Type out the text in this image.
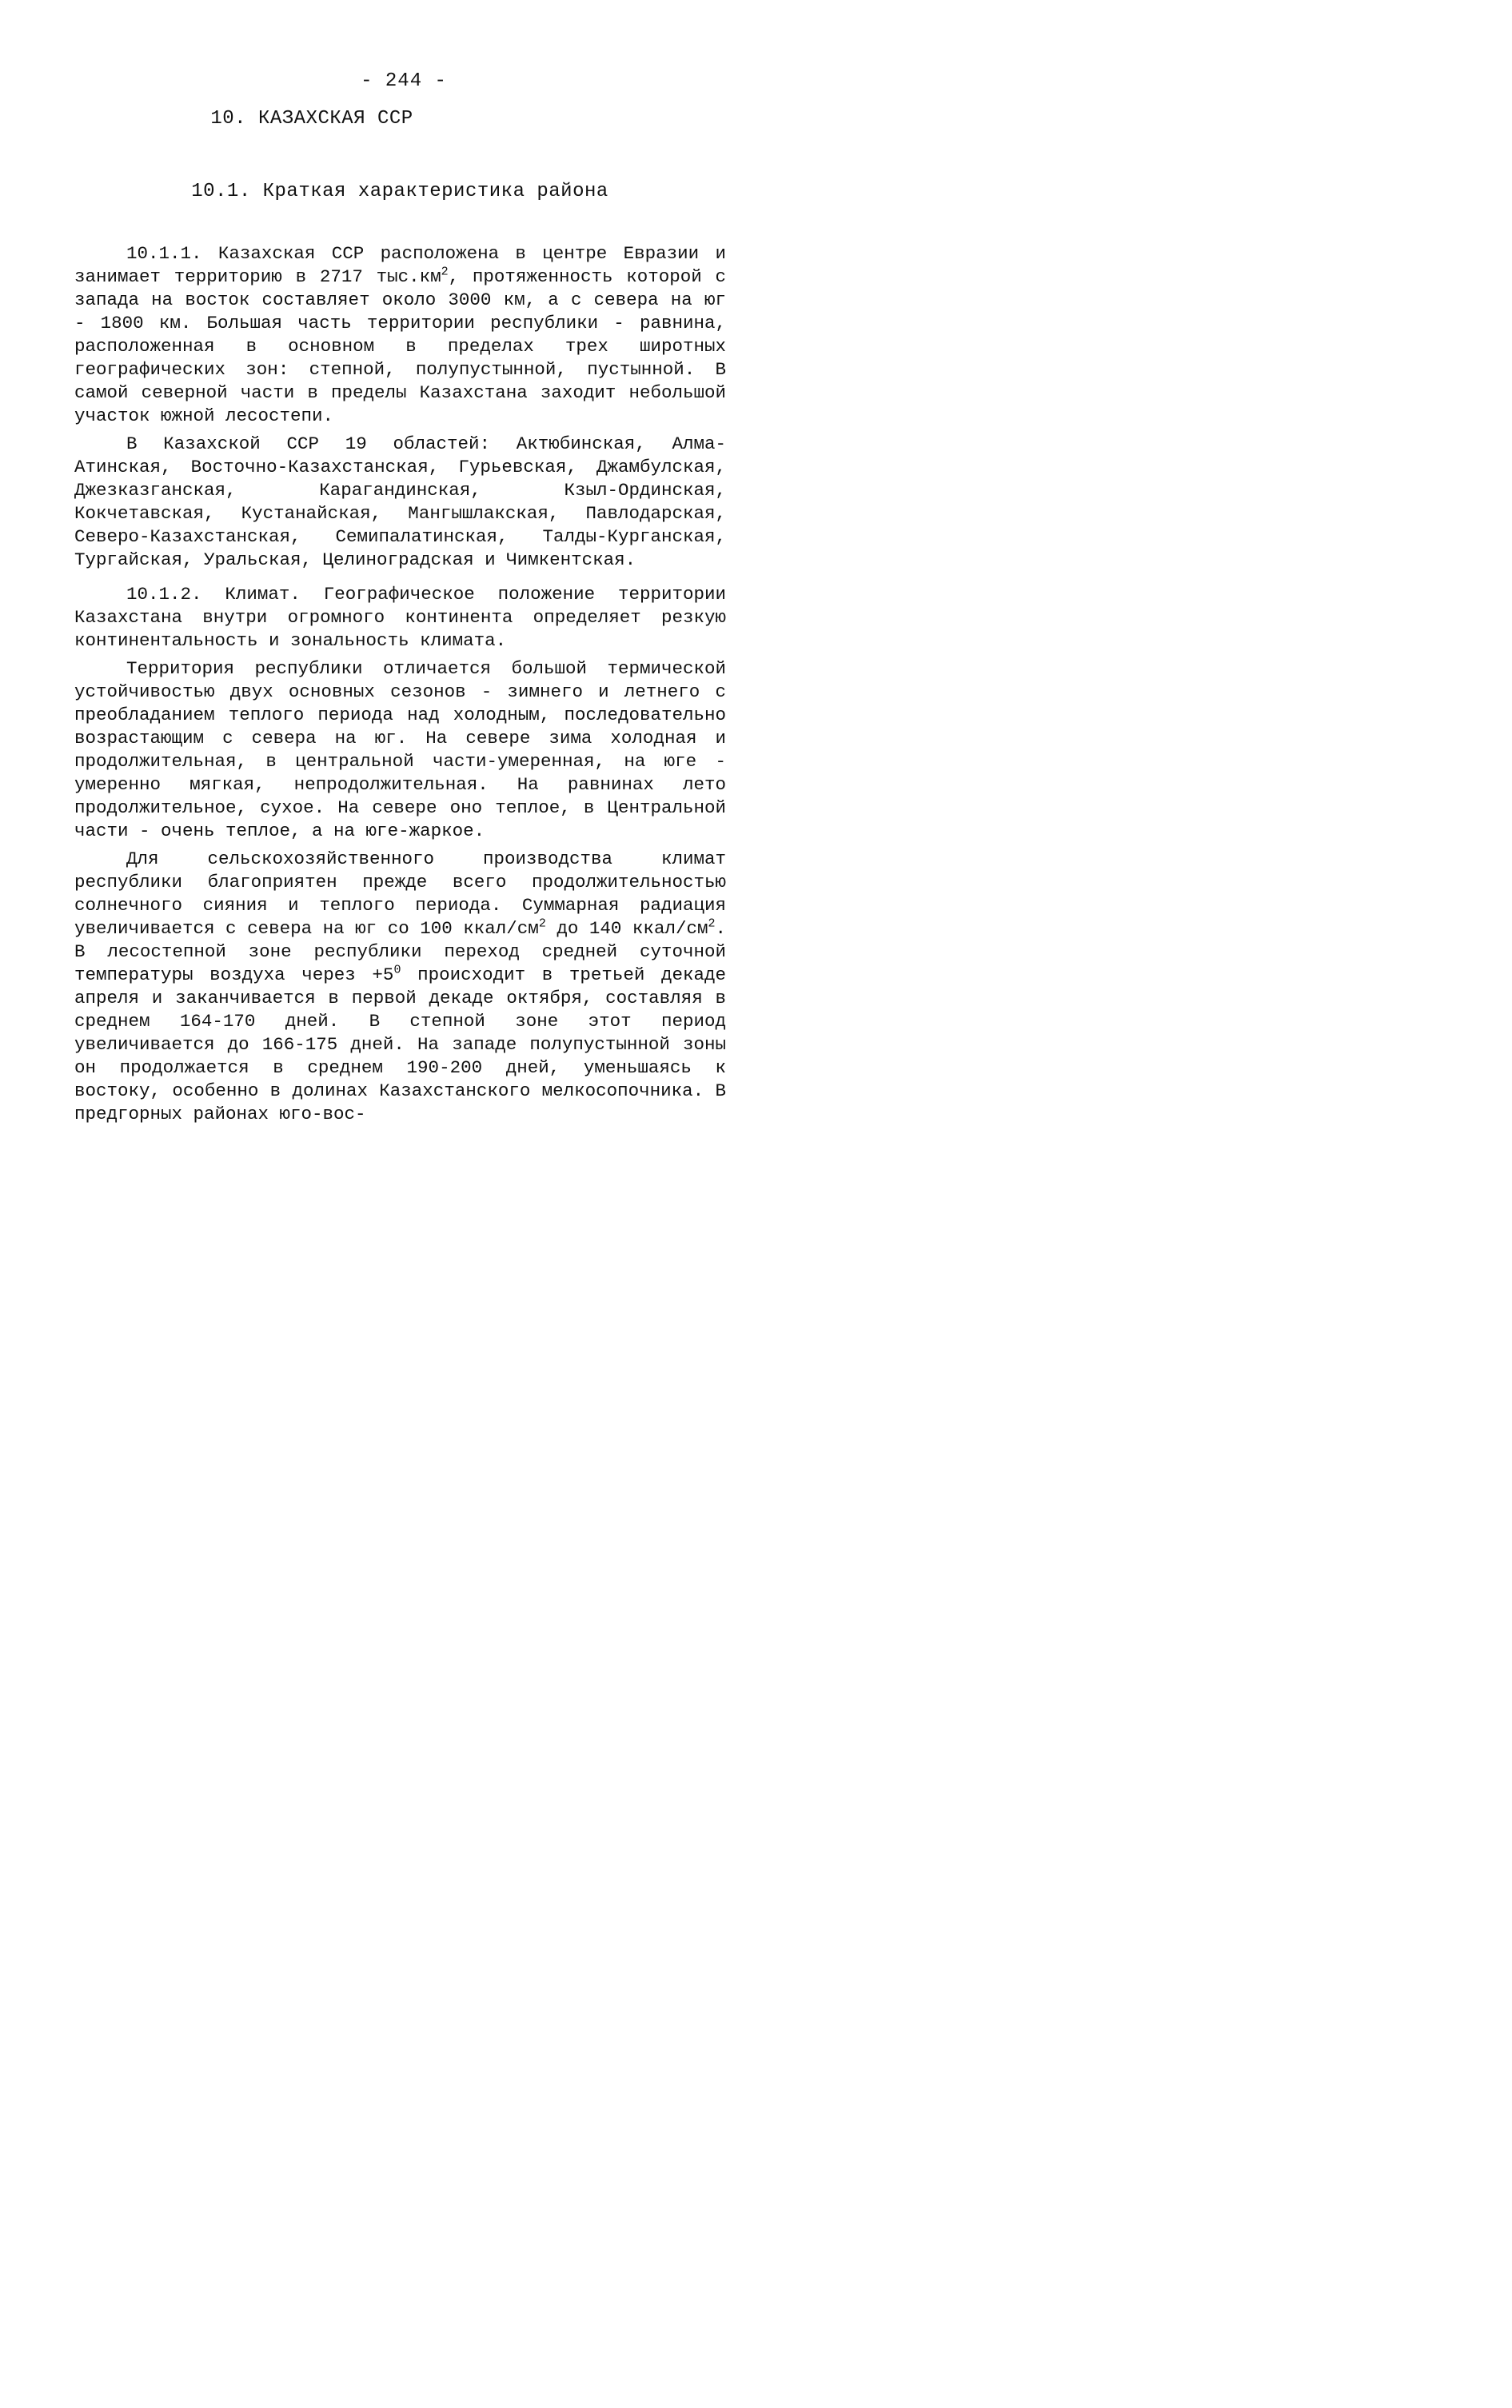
- 244 -
10. КАЗАХСКАЯ ССР
10.1. Краткая характеристика района

10.1.1. Казахская ССР расположена в центре Евразии и занимает территорию в 2717 $тыс.км^2$, протяженность которой с запада на восток составляет около 3000 км, а с севера на юг - 1800 км. Большая часть территории республики - равнина, расположенная в основном в пределах трех широтных географических зон: степной, полупустынной, пустынной. В самой северной части в пределы Казахстана заходит небольшой участок южной лесостепи.

В Казахской ССР 19 областей: Актюбинская, Алма-Атинская, Восточно-Казахстанская, Гурьевская, Джамбулская, Джезказганская, Карагандинская, Кзыл-Ординская, Кокчетавская, Кустанайская, Мангышлакская, Павлодарская, Северо-Казахстанская, Семипалатинская, Талды-Курганская, Тургайская, Уральская, Целиноградская и Чимкентская.

10.1.2. Климат. Географическое положение территории Казахстана внутри огромного континента определяет резкую континентальность и зональность климата.

Территория республики отличается большой термической устойчивостью двух основных сезонов - зимнего и летнего с преобладанием теплого периода над холодным, последовательно возрастающим с севера на юг. На севере зима холодная и продолжительная, в центральной части-умеренная, на юге - умеренно мягкая, непродолжительная. На равнинах лето продолжительное, сухое. На севере оно теплое, в Центральной части - очень теплое, а на юге-жаркое.

Для сельскохозяйственного производства климат республики благоприятен прежде всего продолжительностью солнечного сияния и теплого периода. Суммарная радиация увеличивается с севера на юг со 100 ккал/$см^2$ до 140 ккал/$см^2$. В лесостепной зоне республики переход средней суточной температуры воздуха через $+5^0$ происходит в третьей декаде апреля и заканчивается в первой декаде октября, составляя в среднем 164-170 дней. В степной зоне этот период увеличивается до 166-175 дней. На западе полупустынной зоны он продолжается в среднем 190-200 дней, уменьшаясь к востоку, особенно в долинах Казахстанского мелкосопочника. В предгорных районах юго-вос-
